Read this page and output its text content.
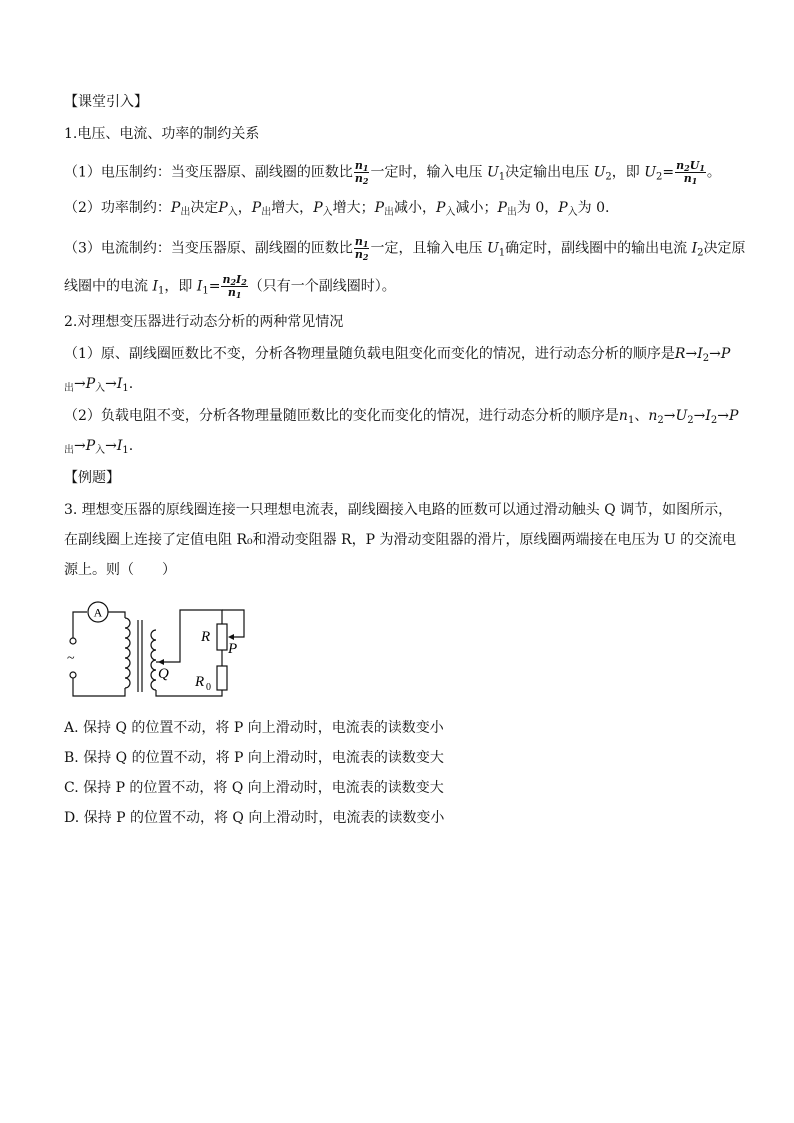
【课堂引入】
1.电压、电流、功率的制约关系
（1）电压制约：当变压器原、副线圈的匝数比 $\frac{n_1}{n_2}$ 一定时，输入电压 $U_1$决定输出电压 $U_2$，即 $U_2= \frac{n_2U_1}{n_1}$ 。
（2）功率制约：$P_出$决定$P_入$，$P_出$增大，$P_入$增大；$P_出$减小，$P_入$减小；$P_出$为 0，$P_入$为 0.
（3）电流制约：当变压器原、副线圈的匝数比 $\frac{n_1}{n_2}$ 一定，且输入电压 $U_1$确定时，副线圈中的输出电流 $I_2$决定原
线圈中的电流 $I_1$，即 $I_1= \frac{n_2I_2}{n_1}$ （只有一个副线圈时）。
2.对理想变压器进行动态分析的两种常见情况
（1）原、副线圈匝数比不变，分析各物理量随负载电阻变化而变化的情况，进行动态分析的顺序是$R\to I_2\to P$
$_出\to P_入\to I_1$.
（2）负载电阻不变，分析各物理量随匝数比的变化而变化的情况，进行动态分析的顺序是$n_1$、$n_2\to U_2\to I_2\to P$
$_出\to P_入\to I_1$.
【例题】
3. 理想变压器的原线圈连接一只理想电流表，副线圈接入电路的匝数可以通过滑动触头 Q 调节，如图所示，
在副线圈上连接了定值电阻 R₀和滑动变阻器 R，P 为滑动变阻器的滑片，原线圈两端接在电压为 U 的交流电
源上。则（　　）
A
~
R
P
Q R 0
A. 保持 Q 的位置不动，将 P 向上滑动时，电流表的读数变小
B. 保持 Q 的位置不动，将 P 向上滑动时，电流表的读数变大
C. 保持 P 的位置不动，将 Q 向上滑动时，电流表的读数变大
D. 保持 P 的位置不动，将 Q 向上滑动时，电流表的读数变小
